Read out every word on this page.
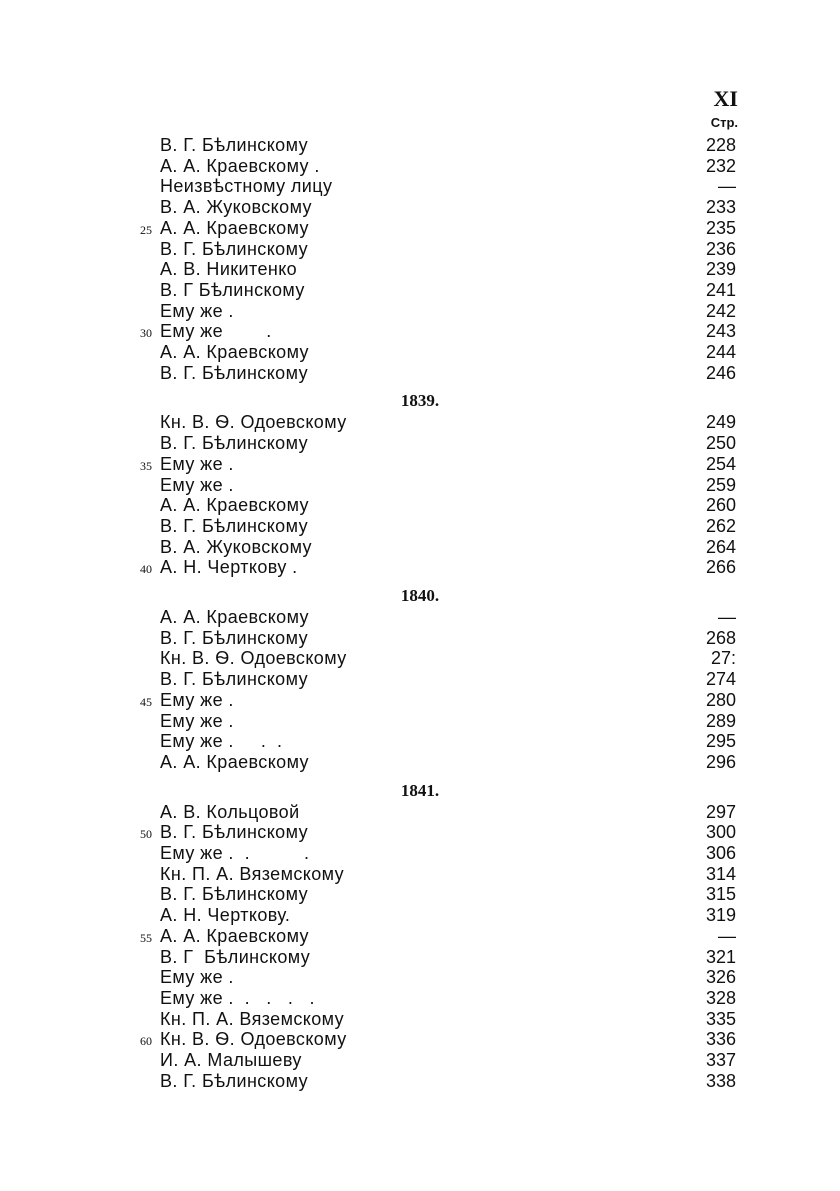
XI
Стр.
В. Г. Бѣлинскому	228
А. А. Краевскому .	232
Неизвѣстному лицу	—
В. А. Жуковскому	233
25 А. А. Краевскому	235
В. Г. Бѣлинскому	236
А. В. Никитенко	239
В. Г Бѣлинскому	241
Ему же .	242
30 Ему же        .	243
А. А. Краевскому	244
В. Г. Бѣлинскому	246
1839.
Кн. В. Ѳ. Одоевскому	249
В. Г. Бѣлинскому	250
35 Ему же .	254
Ему же .	259
А. А. Краевскому	260
В. Г. Бѣлинскому	262
В. А. Жуковскому	264
40 А. Н. Черткову .	266
1840.
А. А. Краевскому	—
В. Г. Бѣлинскому	268
Кн. В. Ѳ. Одоевскому	27:
В. Г. Бѣлинскому	274
45 Ему же .	280
Ему же .	289
Ему же .     .  .	295
А. А. Краевскому	296
1841.
А. В. Кольцовой	297
50 В. Г. Бѣлинскому	300
Ему же .  .          .	306
Кн. П. А. Вяземскому	314
В. Г. Бѣлинскому	315
А. Н. Черткову.	319
55 А. А. Краевскому	—
В. Г  Бѣлинскому	321
Ему же .	326
Ему же .  .   .   .   .	328
Кн. П. А. Вяземскому	335
60 Кн. В. Ѳ. Одоевскому	336
И. А. Малышеву	337
В. Г. Бѣлинскому	338
